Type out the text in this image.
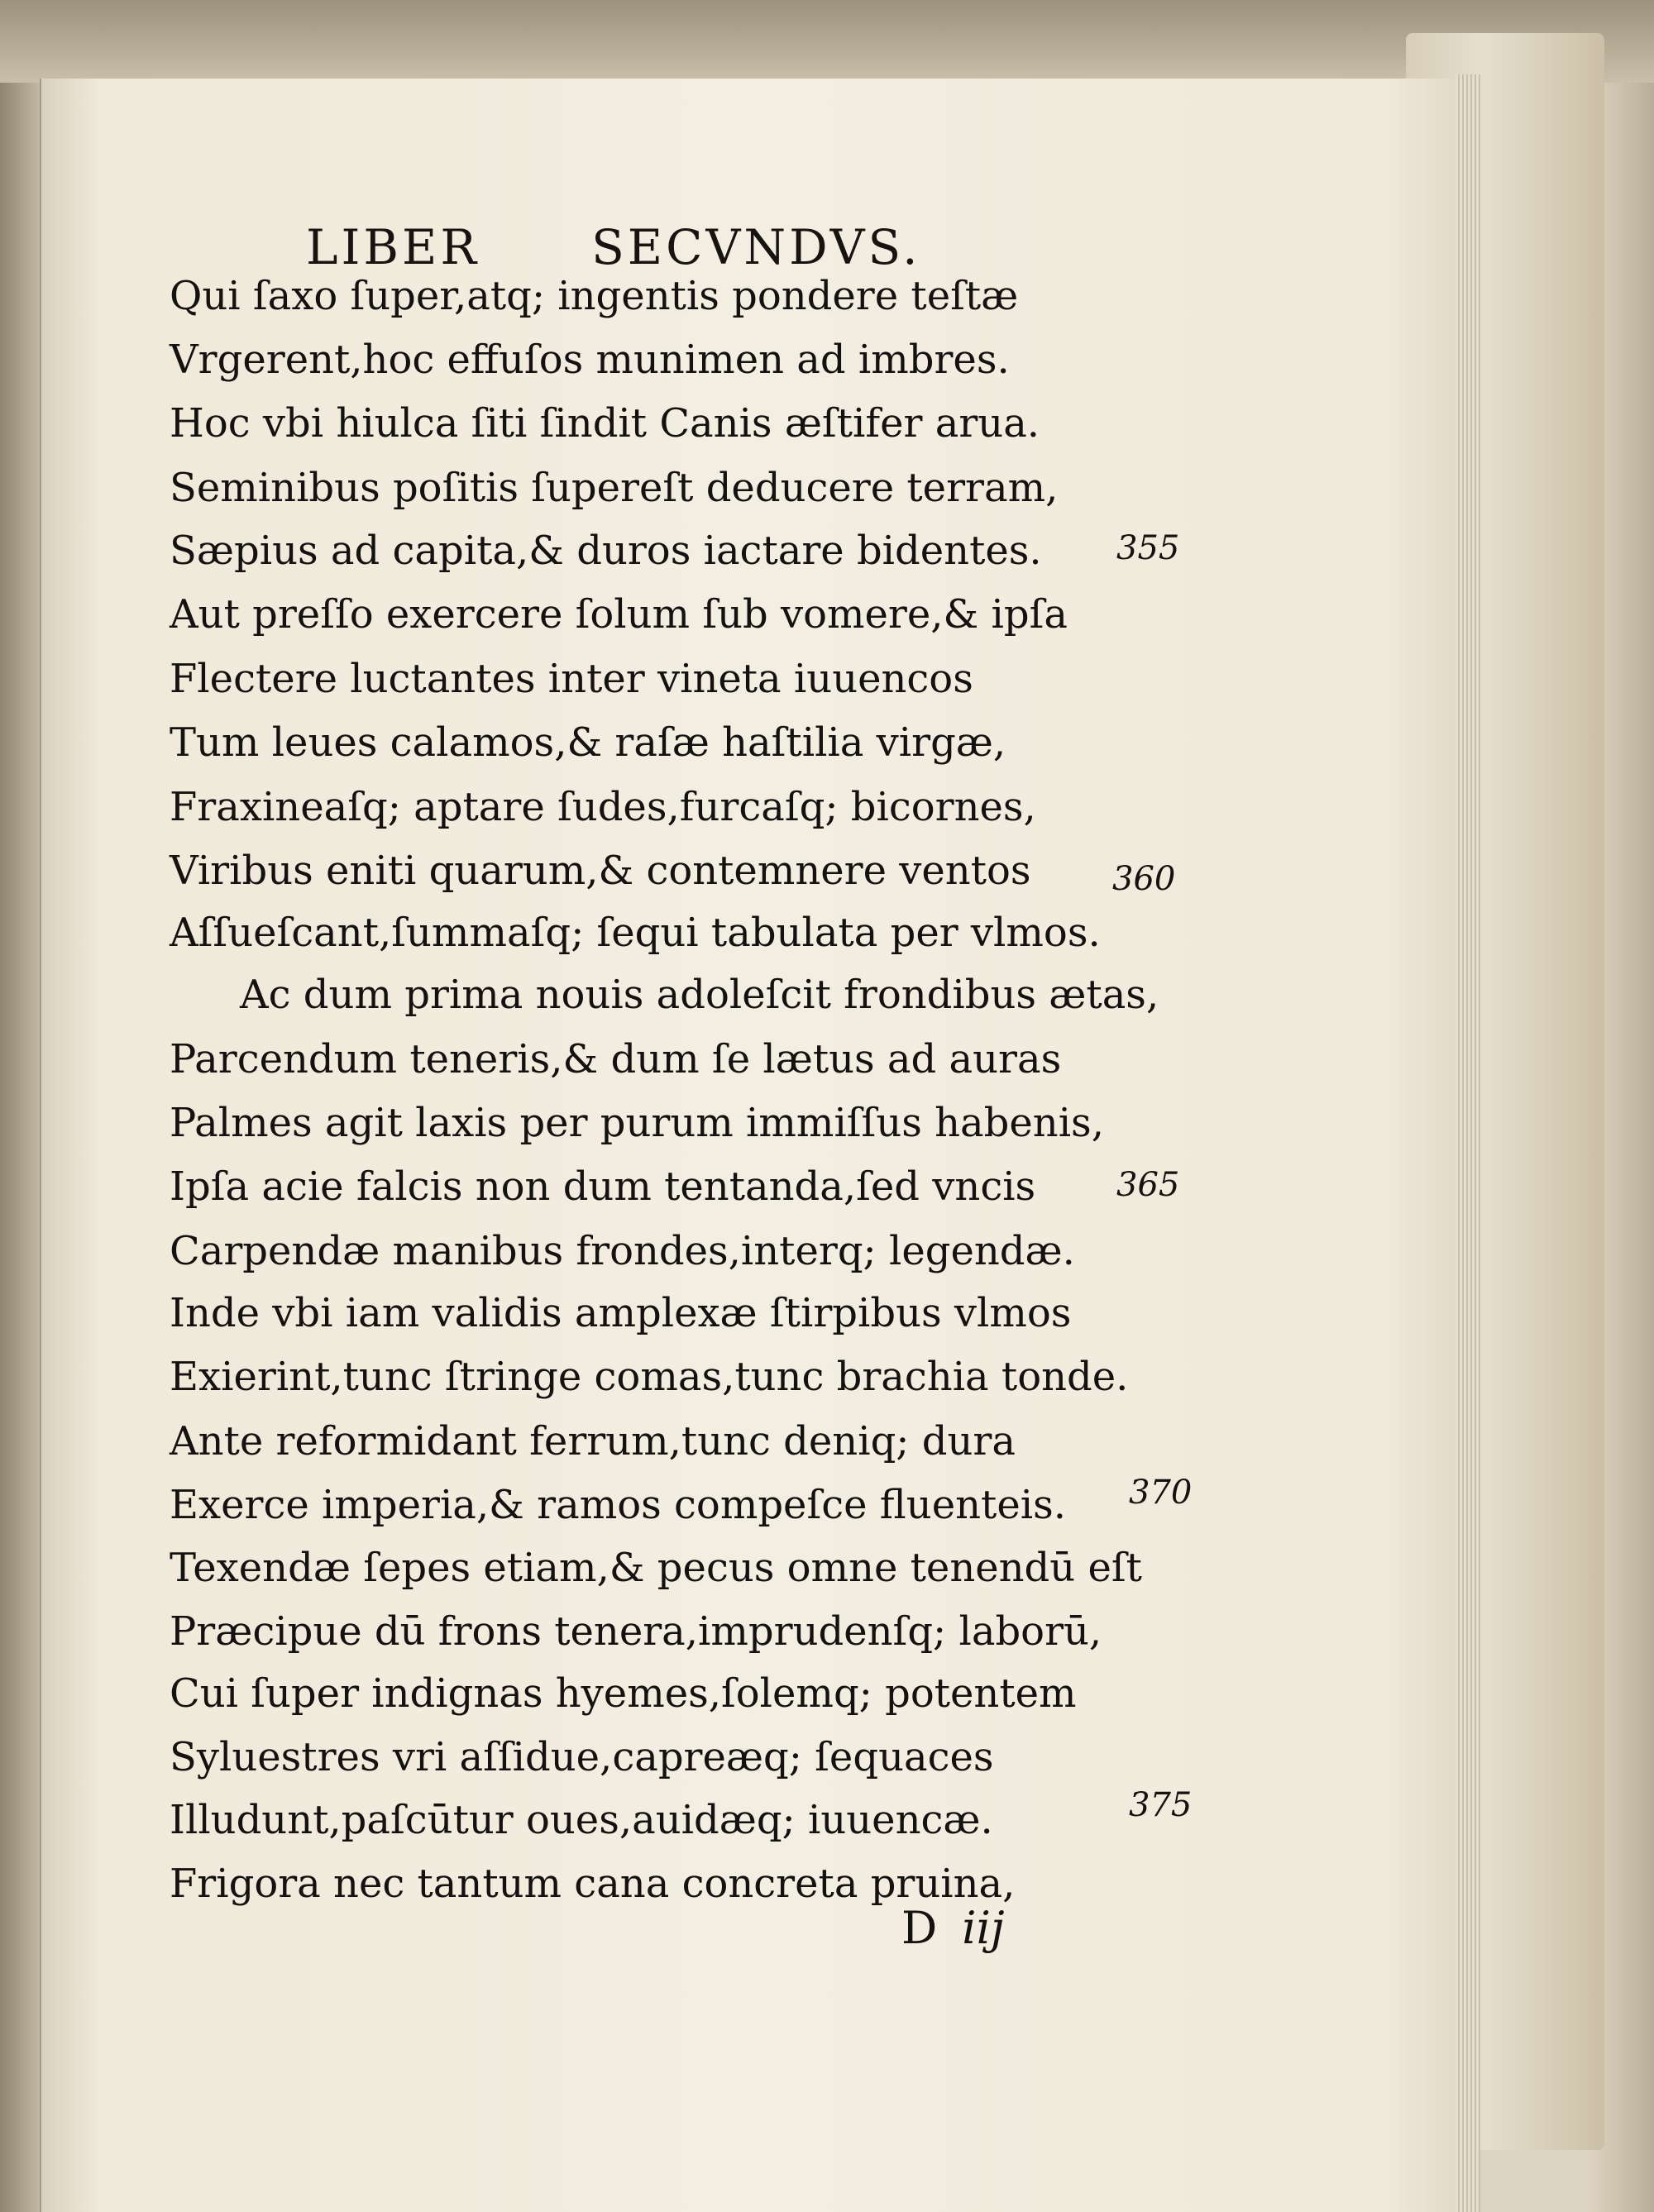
LIBER SECVNDVS.
Qui ſaxo ſuper,atq; ingentis pondere teſtæ
Vrgerent,hoc effuſos munimen ad imbres.
Hoc vbi hiulca ſiti ſindit Canis æſtifer arua.
Seminibus poſitis ſupereſt deducere terram,
Sæpius ad capita,& duros iactare bidentes.
Aut preſſo exercere ſolum ſub vomere,& ipſa
Flectere luctantes inter vineta iuuencos
Tum leues calamos,& raſæ haſtilia virgæ,
Fraxineaſq; aptare ſudes,furcaſq; bicornes,
Viribus eniti quarum,& contemnere ventos
Aſſueſcant,ſummaſq; ſequi tabulata per vlmos.
Ac dum prima nouis adoleſcit frondibus ætas,
Parcendum teneris,& dum ſe lætus ad auras
Palmes agit laxis per purum immiſſus habenis,
Ipſa acie falcis non dum tentanda,ſed vncis
Carpendæ manibus frondes,interq; legendæ.
Inde vbi iam validis amplexæ ſtirpibus vlmos
Exierint,tunc ſtringe comas,tunc brachia tonde.
Ante reformidant ferrum,tunc deniq; dura
Exerce imperia,& ramos compeſce fluenteis.
Texendæ ſepes etiam,& pecus omne tenendū eſt
Præcipue dū frons tenera,imprudenſq; laborū,
Cui ſuper indignas hyemes,ſolemq; potentem
Syluestres vri aſſidue,capreæq; ſequaces
Illudunt,paſcūtur oues,auidæq; iuuencæ.
Frigora nec tantum cana concreta pruina,
355
360
365
370
375
D iij
